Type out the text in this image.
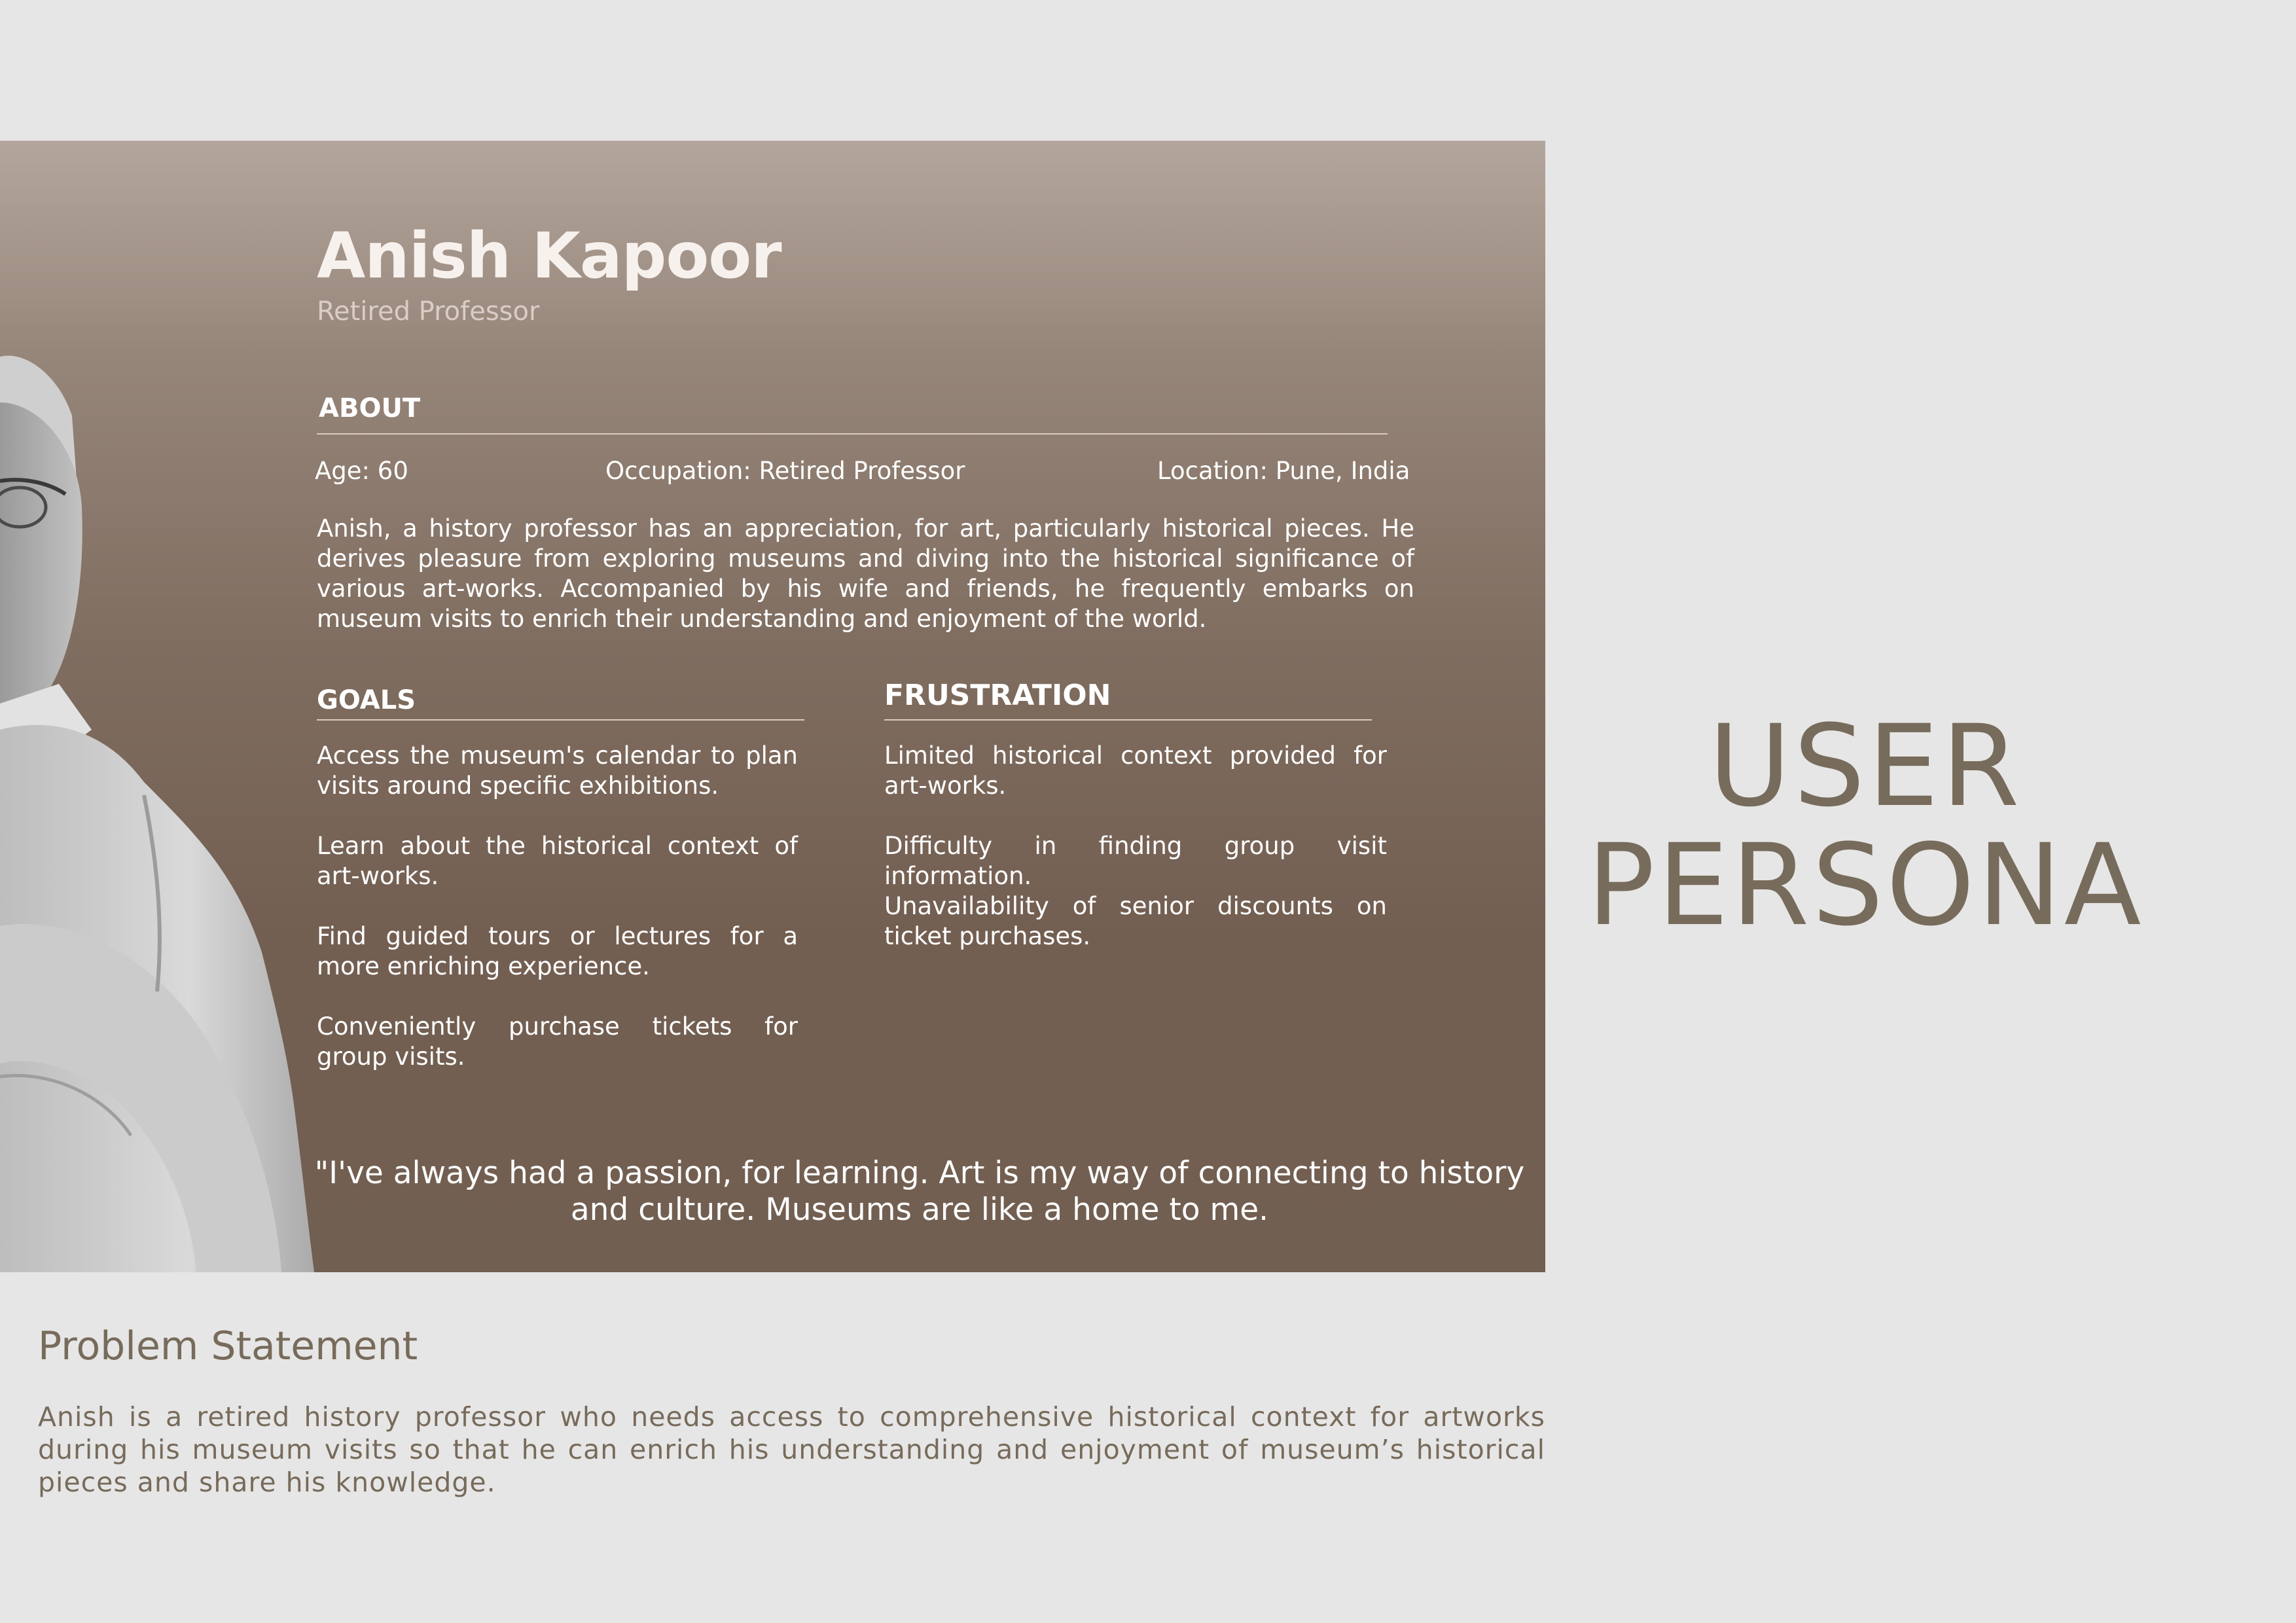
Anish Kapoor
Retired Professor
ABOUT
Age: 60	Occupation: Retired Professor	Location: Pune, India

Anish, a history professor has an appreciation, for art, particularly historical pieces. He derives pleasure from exploring museums and diving into the historical significance of various art-works. Accompanied by his wife and friends, he frequently embarks on museum visits to enrich their understanding and enjoyment of the world.

GOALS

Access the museum's calendar to plan visits around specific exhibitions.

Learn about the historical context of art-works.

Find guided tours or lectures for a more enriching experience.

Conveniently purchase tickets for group visits.

FRUSTRATION

Limited historical context provided for art-works.

Difficulty in finding group visit information.

Unavailability of senior discounts on ticket purchases.

"I've always had a passion, for learning. Art is my way of connecting to history and culture. Museums are like a home to me.

USER
PERSONA
Problem Statement

Anish is a retired history professor who needs access to comprehensive historical context for artworks during his museum visits so that he can enrich his understanding and enjoyment of museum’s historical pieces and share his knowledge.
